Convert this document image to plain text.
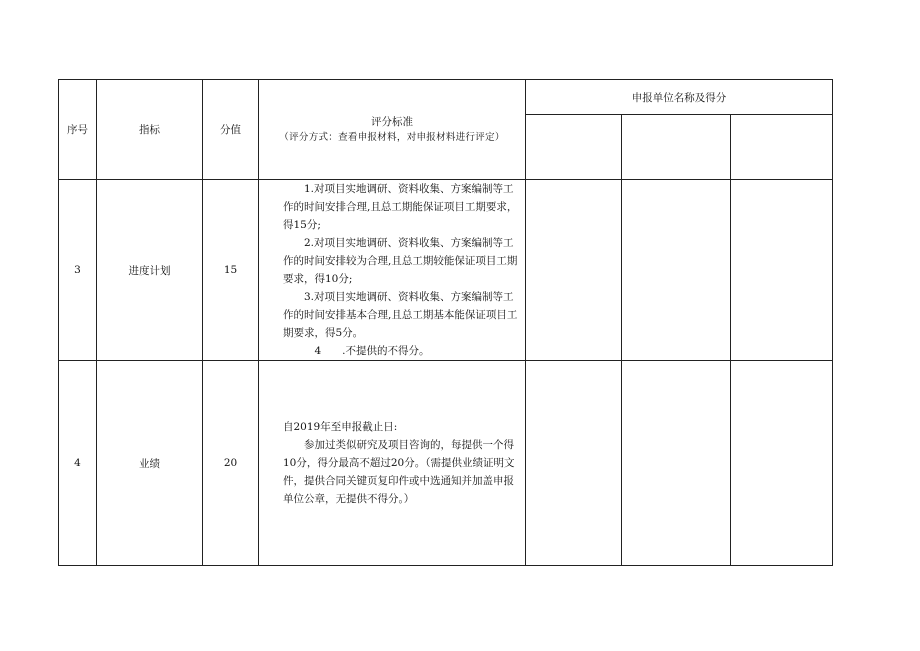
序号	指标	分值	评分标准
（评分方式：查看申报材料，对申报材料进行评定）	申报单位名称及得分		

3	进度计划	15	1.对项目实地调研、资料收集、方案编制等工作的时间安排合理,且总工期能保证项目工期要求，得15分;

2.对项目实地调研、资料收集、方案编制等工作的时间安排较为合理,且总工期较能保证项目工期要求，得10分;

3.对项目实地调研、资料收集、方案编制等工作的时间安排基本合理,且总工期基本能保证项目工期要求，得5分。

4　　.不提供的不得分。			

4	业绩	20	自2019年至申报截止日:

参加过类似研究及项目咨询的，每提供一个得10分，得分最高不超过20分。（需提供业绩证明文件，提供合同关键页复印件或中选通知并加盖申报单位公章，无提供不得分。）			
